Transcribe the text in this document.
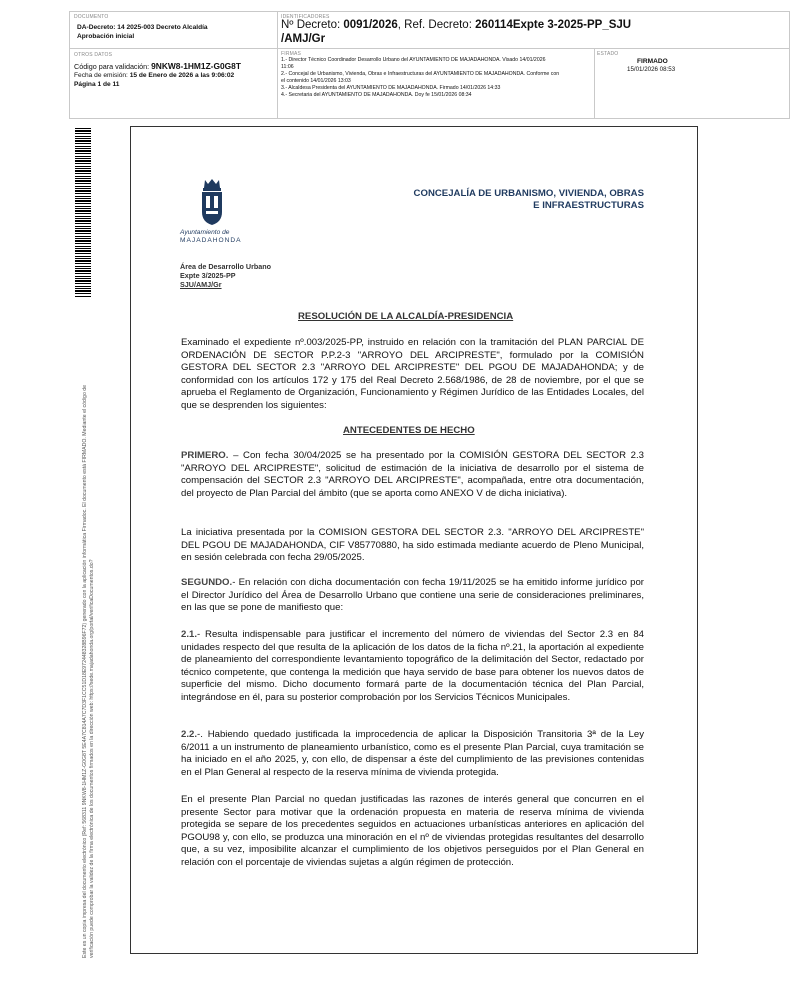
DOCUMENTO
DA-Decreto: 14 2025-003 Decreto Alcaldía
Aprobación inicial
IDENTIFICADORES
Nº Decreto: 0091/2026, Ref. Decreto: 260114Expte 3-2025-PP_SJU
/AMJ/Gr
OTROS DATOS
Código para validación: 9NKW8-1HM1Z-G0G8T
Fecha de emisión: 15 de Enero de 2026 a las 9:06:02
Página 1 de 11
FIRMAS
1.- Director Técnico Coordinador Desarrollo Urbano del AYUNTAMIENTO DE MAJADAHONDA. Visado 14/01/2026
11:06
2.- Concejal de Urbanismo, Vivienda, Obras e Infraestructuras del AYUNTAMIENTO DE MAJADAHONDA. Conforme con
el contenido 14/01/2026 13:03
3.- Alcaldesa Presidenta del AYUNTAMIENTO DE MAJADAHONDA. Firmado 14/01/2026 14:33
4.- Secretaria del AYUNTAMIENTO DE MAJADAHONDA. Doy fe 15/01/2026 08:34
ESTADO
FIRMADO
15/01/2026 08:53
Este es un copia impresa del documento electrónico (Ref: 568311 9NKW8-1HM1Z-G0G8T 5E4A7C814A7C7D3F1CC51D18E972448328B96F72) generado con la aplicación informática Firmadoc. El documento está FIRMADO. Mediante el código de verificación puede comprobar la validez de la firma electrónica de los documentos firmados en la dirección web: https://sede.majadahonda.org/portal/verificaDocumentos.do?
Ayuntamiento de
MAJADAHONDA
CONCEJALÍA DE URBANISMO, VIVIENDA, OBRAS
E INFRAESTRUCTURAS
Área de Desarrollo Urbano
Expte 3/2025-PP
SJU/AMJ/Gr
RESOLUCIÓN DE LA ALCALDÍA-PRESIDENCIA
Examinado el expediente nº.003/2025-PP, instruido en relación con la tramitación del PLAN PARCIAL DE ORDENACIÓN DE SECTOR P.P.2-3 "ARROYO DEL ARCIPRESTE", formulado por la COMISIÓN GESTORA DEL SECTOR 2.3 "ARROYO DEL ARCIPRESTE" DEL PGOU DE MAJADAHONDA; y de conformidad con los artículos 172 y 175 del Real Decreto 2.568/1986, de 28 de noviembre, por el que se aprueba el Reglamento de Organización, Funcionamiento y Régimen Jurídico de las Entidades Locales, del que se desprenden los siguientes:
ANTECEDENTES DE HECHO
PRIMERO. – Con fecha 30/04/2025 se ha presentado por la COMISIÓN GESTORA DEL SECTOR 2.3 "ARROYO DEL ARCIPRESTE", solicitud de estimación de la iniciativa de desarrollo por el sistema de compensación del SECTOR 2.3 "ARROYO DEL ARCIPRESTE", acompañada, entre otra documentación, del proyecto de Plan Parcial del ámbito (que se aporta como ANEXO V de dicha iniciativa).
La iniciativa presentada por la COMISION GESTORA DEL SECTOR 2.3. "ARROYO DEL ARCIPRESTE" DEL PGOU DE MAJADAHONDA, CIF V85770880, ha sido estimada mediante acuerdo de Pleno Municipal, en sesión celebrada con fecha 29/05/2025.
SEGUNDO.- En relación con dicha documentación con fecha 19/11/2025 se ha emitido informe jurídico por el Director Jurídico del Área de Desarrollo Urbano que contiene una serie de consideraciones preliminares, en las que se pone de manifiesto que:
2.1.- Resulta indispensable para justificar el incremento del número de viviendas del Sector 2.3 en 84 unidades respecto del que resulta de la aplicación de los datos de la ficha nº.21, la aportación al expediente de planeamiento del correspondiente levantamiento topográfico de la delimitación del Sector, redactado por técnico competente, que contenga la medición que haya servido de base para obtener los nuevos datos de superficie del mismo. Dicho documento formará parte de la documentación técnica del Plan Parcial, integrándose en él, para su posterior comprobación por los Servicios Técnicos Municipales.
2.2.-. Habiendo quedado justificada la improcedencia de aplicar la Disposición Transitoria 3ª de la Ley 6/2011 a un instrumento de planeamiento urbanístico, como es el presente Plan Parcial, cuya tramitación se ha iniciado en el año 2025, y, con ello, de dispensar a éste del cumplimiento de las previsiones contenidas en el Plan General al respecto de la reserva mínima de vivienda protegida.
En el presente Plan Parcial no quedan justificadas las razones de interés general que concurren en el presente Sector para motivar que la ordenación propuesta en materia de reserva mínima de vivienda protegida se separe de los precedentes seguidos en actuaciones urbanísticas anteriores en aplicación del PGOU98 y, con ello, se produzca una minoración en el nº de viviendas protegidas resultantes del desarrollo que, a su vez, imposibilite alcanzar el cumplimiento de los objetivos perseguidos por el Plan General en relación con el porcentaje de viviendas sujetas a algún régimen de protección.
